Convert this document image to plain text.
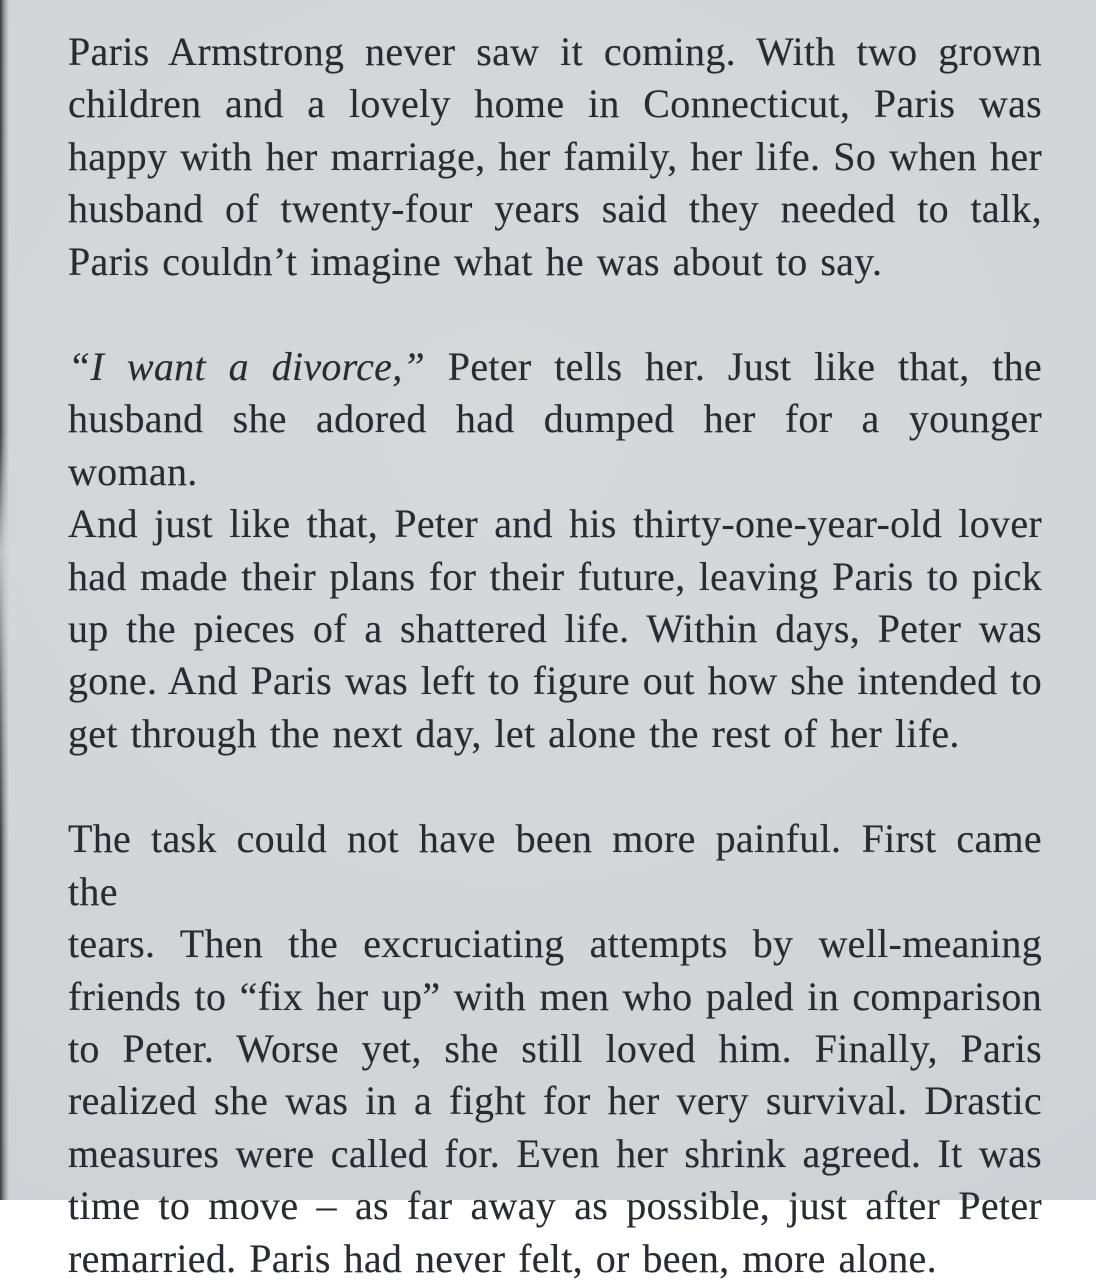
Paris Armstrong never saw it coming. With two grown
children and a lovely home in Connecticut, Paris was
happy with her marriage, her family, her life. So when her
husband of twenty-four years said they needed to talk,
Paris couldn’t imagine what he was about to say.
“I want a divorce,” Peter tells her. Just like that, the
husband she adored had dumped her for a younger woman.
And just like that, Peter and his thirty-one-year-old lover
had made their plans for their future, leaving Paris to pick
up the pieces of a shattered life. Within days, Peter was
gone. And Paris was left to figure out how she intended to
get through the next day, let alone the rest of her life.
The task could not have been more painful. First came the
tears. Then the excruciating attempts by well-meaning
friends to “fix her up” with men who paled in comparison
to Peter. Worse yet, she still loved him. Finally, Paris
realized she was in a fight for her very survival. Drastic
measures were called for. Even her shrink agreed. It was
time to move – as far away as possible, just after Peter
remarried. Paris had never felt, or been, more alone.
